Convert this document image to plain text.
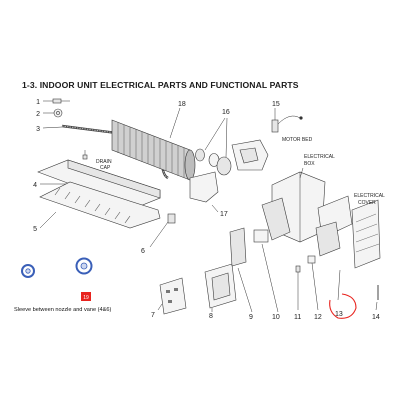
1-3. INDOOR UNIT ELECTRICAL PARTS AND FUNCTIONAL PARTS
19
1
2
3
4
5
6
7	8	9	10 11 12 13	14
15
16
17
18
DRAIN
CAP
MOTOR BED
ELECTRICAL
BOX
ELECTRICAL
COVER
Sleeve between nozzle and vane (4&6)
